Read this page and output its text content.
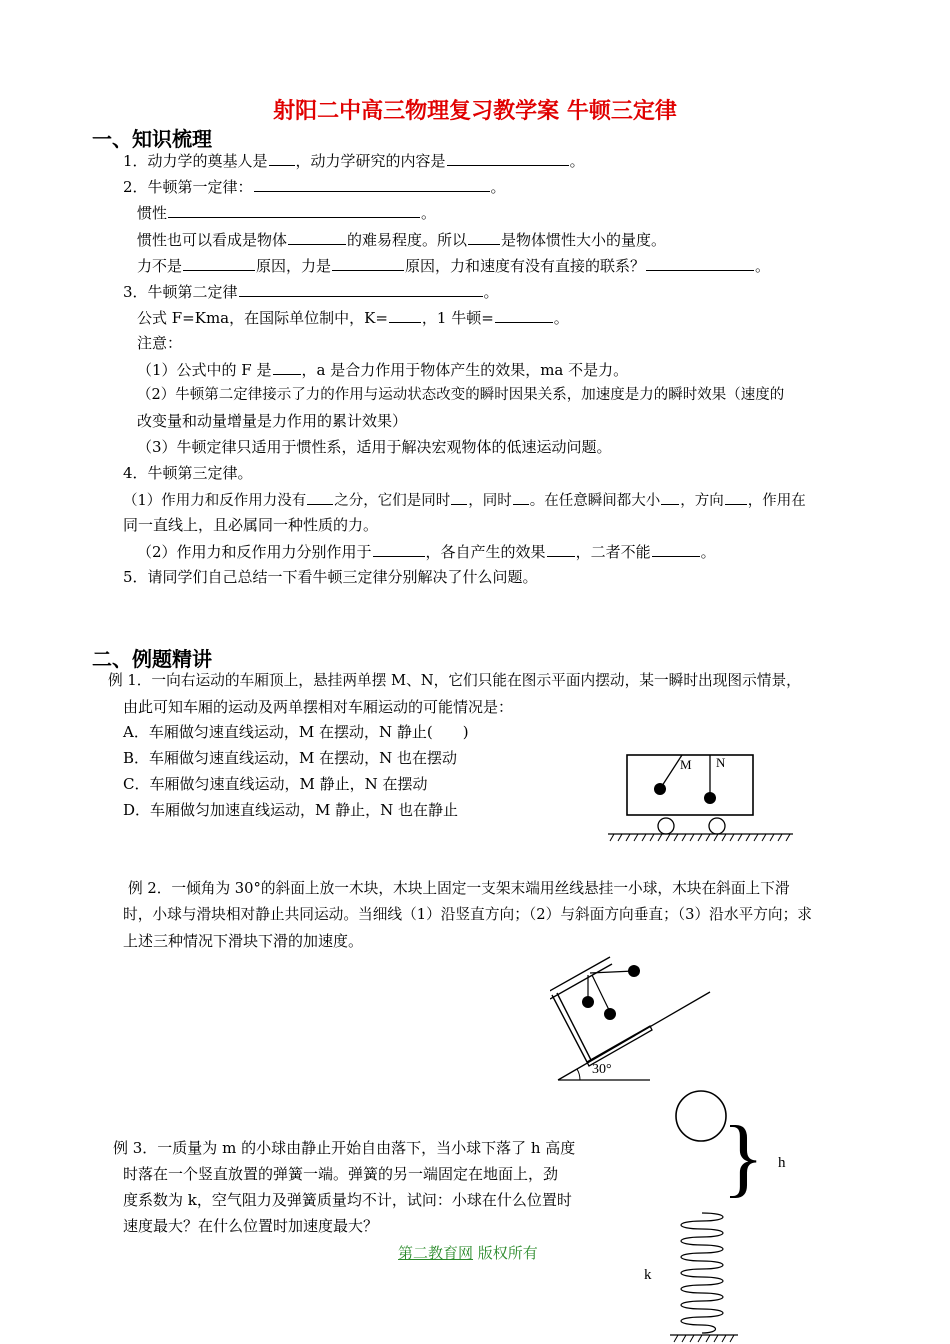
射阳二中高三物理复习教学案 牛顿三定律
一、知识梳理
1．动力学的奠基人是 ，动力学研究的内容是	。
2．牛顿第一定律：	。
惯性	。
惯性也可以看成是物体	的难易程度。所以 是物体惯性大小的量度。
力不是	原因，力是	原因，力和速度有没有直接的联系？	。
3．牛顿第二定律	。
公式 F=Kma，在国际单位制中，K= ，1 牛顿=	。
注意：
（1）公式中的 F 是 ，a 是合力作用于物体产生的效果，ma 不是力。
（2）牛顿第二定律接示了力的作用与运动状态改变的瞬时因果关系，加速度是力的瞬时效果（速度的
改变量和动量增量是力作用的累计效果）
（3）牛顿定律只适用于惯性系，适用于解决宏观物体的低速运动问题。
4．牛顿第三定律。
（1）作用力和反作用力没有 之分，它们是同时 ，同时 。在任意瞬间都大小 ，方向 ，作用在
同一直线上，且必属同一种性质的力。
（2）作用力和反作用力分别作用于	，各自产生的效果 ，二者不能	。
5．请同学们自己总结一下看牛顿三定律分别解决了什么问题。
二、例题精讲
例 1．一向右运动的车厢顶上，悬挂两单摆 M、N，它们只能在图示平面内摆动，某一瞬时出现图示情景，
由此可知车厢的运动及两单摆相对车厢运动的可能情况是：
A．车厢做匀速直线运动，M 在摆动，N 静止(　　)
B．车厢做匀速直线运动，M 在摆动，N 也在摆动
C．车厢做匀速直线运动，M 静止，N 在摆动
D．车厢做匀加速直线运动，M 静止，N 也在静止
M N
例 2．一倾角为 30°的斜面上放一木块，木块上固定一支架末端用丝线悬挂一小球，木块在斜面上下滑
时，小球与滑块相对静止共同运动。当细线（1）沿竖直方向；（2）与斜面方向垂直；（3）沿水平方向；求
上述三种情况下滑块下滑的加速度。
30°
例 3．一质量为 m 的小球由静止开始自由落下，当小球下落了 h 高度
时落在一个竖直放置的弹簧一端。弹簧的另一端固定在地面上，劲
度系数为 k，空气阻力及弹簧质量均不计，试问：小球在什么位置时
速度最大？在什么位置时加速度最大？
} h
k
第二教育网 版权所有
